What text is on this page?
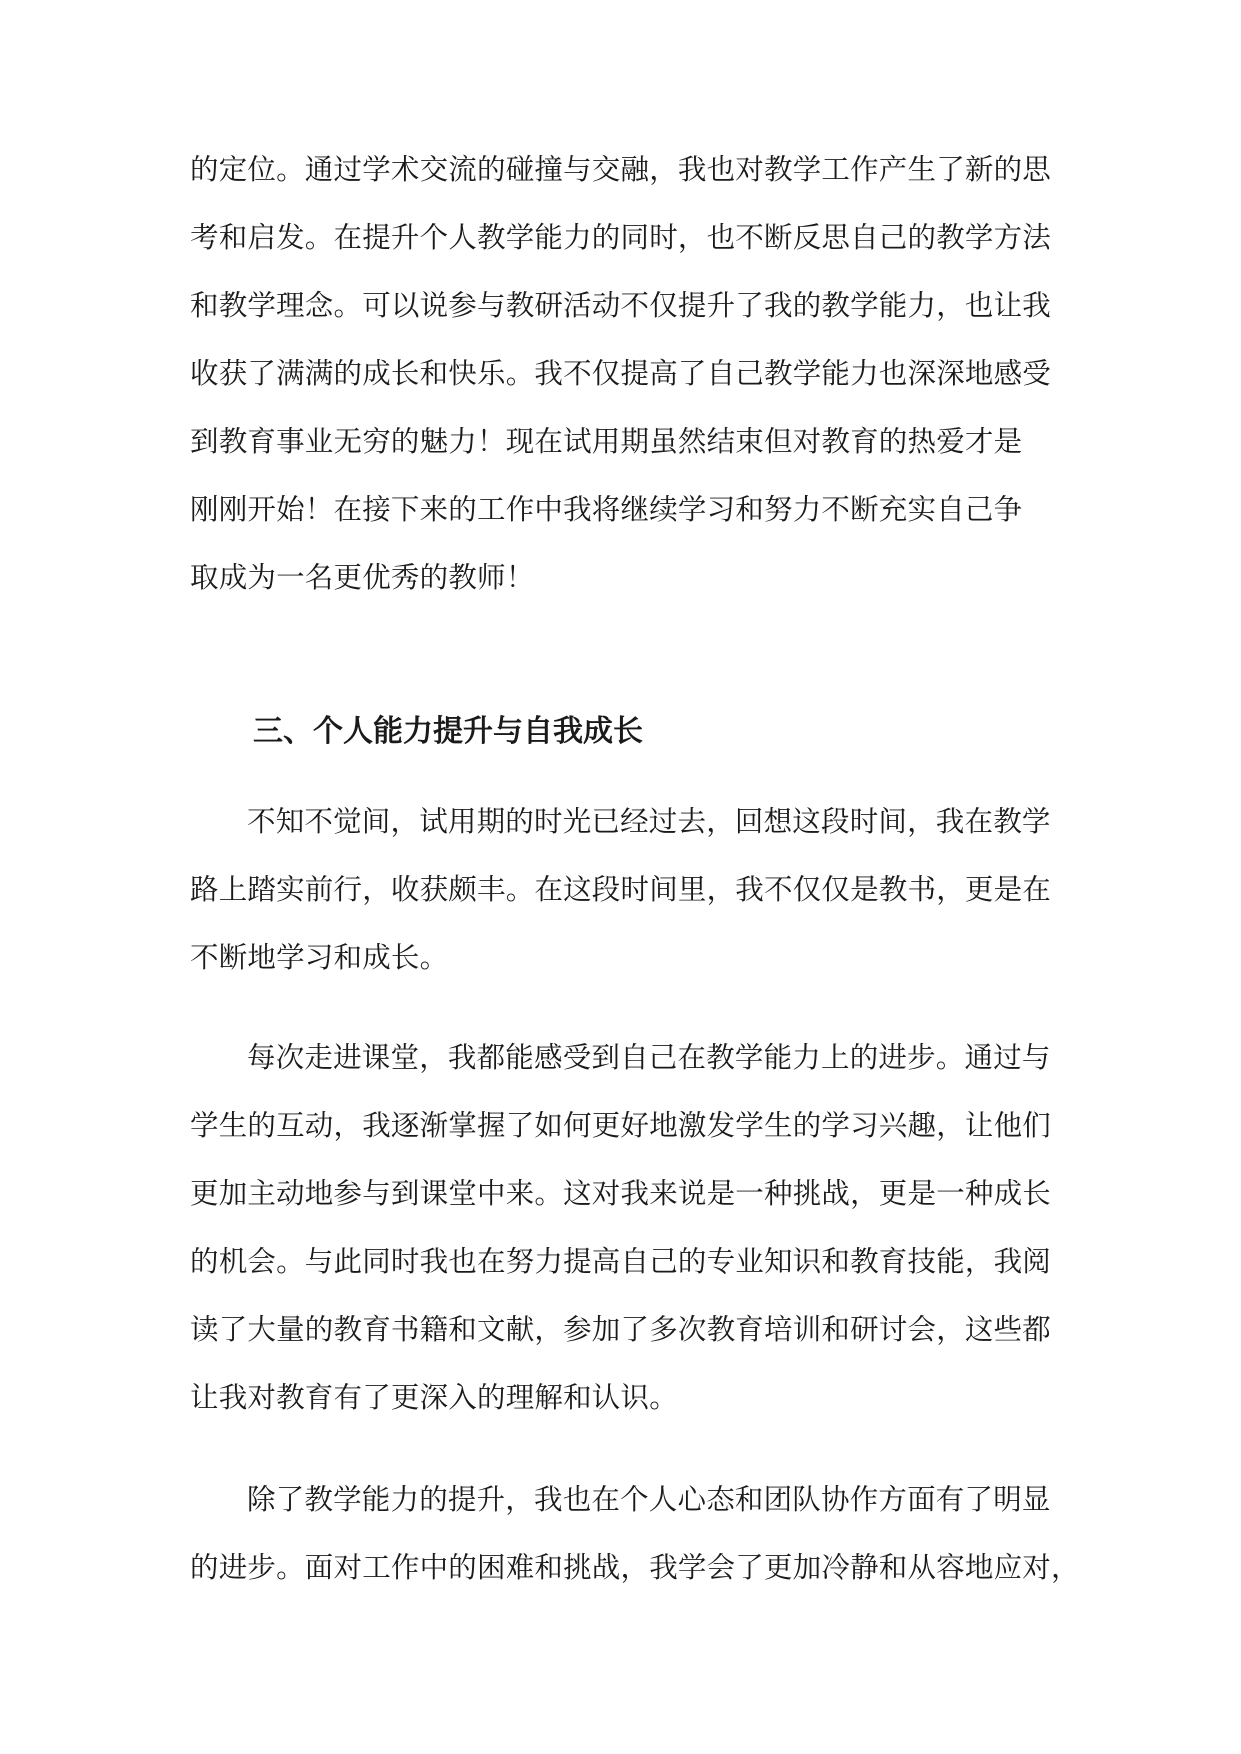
的定位。通过学术交流的碰撞与交融，我也对教学工作产生了新的思
考和启发。在提升个人教学能力的同时，也不断反思自己的教学方法
和教学理念。可以说参与教研活动不仅提升了我的教学能力，也让我
收获了满满的成长和快乐。我不仅提高了自己教学能力也深深地感受
到教育事业无穷的魅力！现在试用期虽然结束但对教育的热爱才是
刚刚开始！在接下来的工作中我将继续学习和努力不断充实自己争
取成为一名更优秀的教师！
三、个人能力提升与自我成长
不知不觉间，试用期的时光已经过去，回想这段时间，我在教学
路上踏实前行，收获颇丰。在这段时间里，我不仅仅是教书，更是在
不断地学习和成长。
每次走进课堂，我都能感受到自己在教学能力上的进步。通过与
学生的互动，我逐渐掌握了如何更好地激发学生的学习兴趣，让他们
更加主动地参与到课堂中来。这对我来说是一种挑战，更是一种成长
的机会。与此同时我也在努力提高自己的专业知识和教育技能，我阅
读了大量的教育书籍和文献，参加了多次教育培训和研讨会，这些都
让我对教育有了更深入的理解和认识。
除了教学能力的提升，我也在个人心态和团队协作方面有了明显
的进步。面对工作中的困难和挑战，我学会了更加冷静和从容地应对，
